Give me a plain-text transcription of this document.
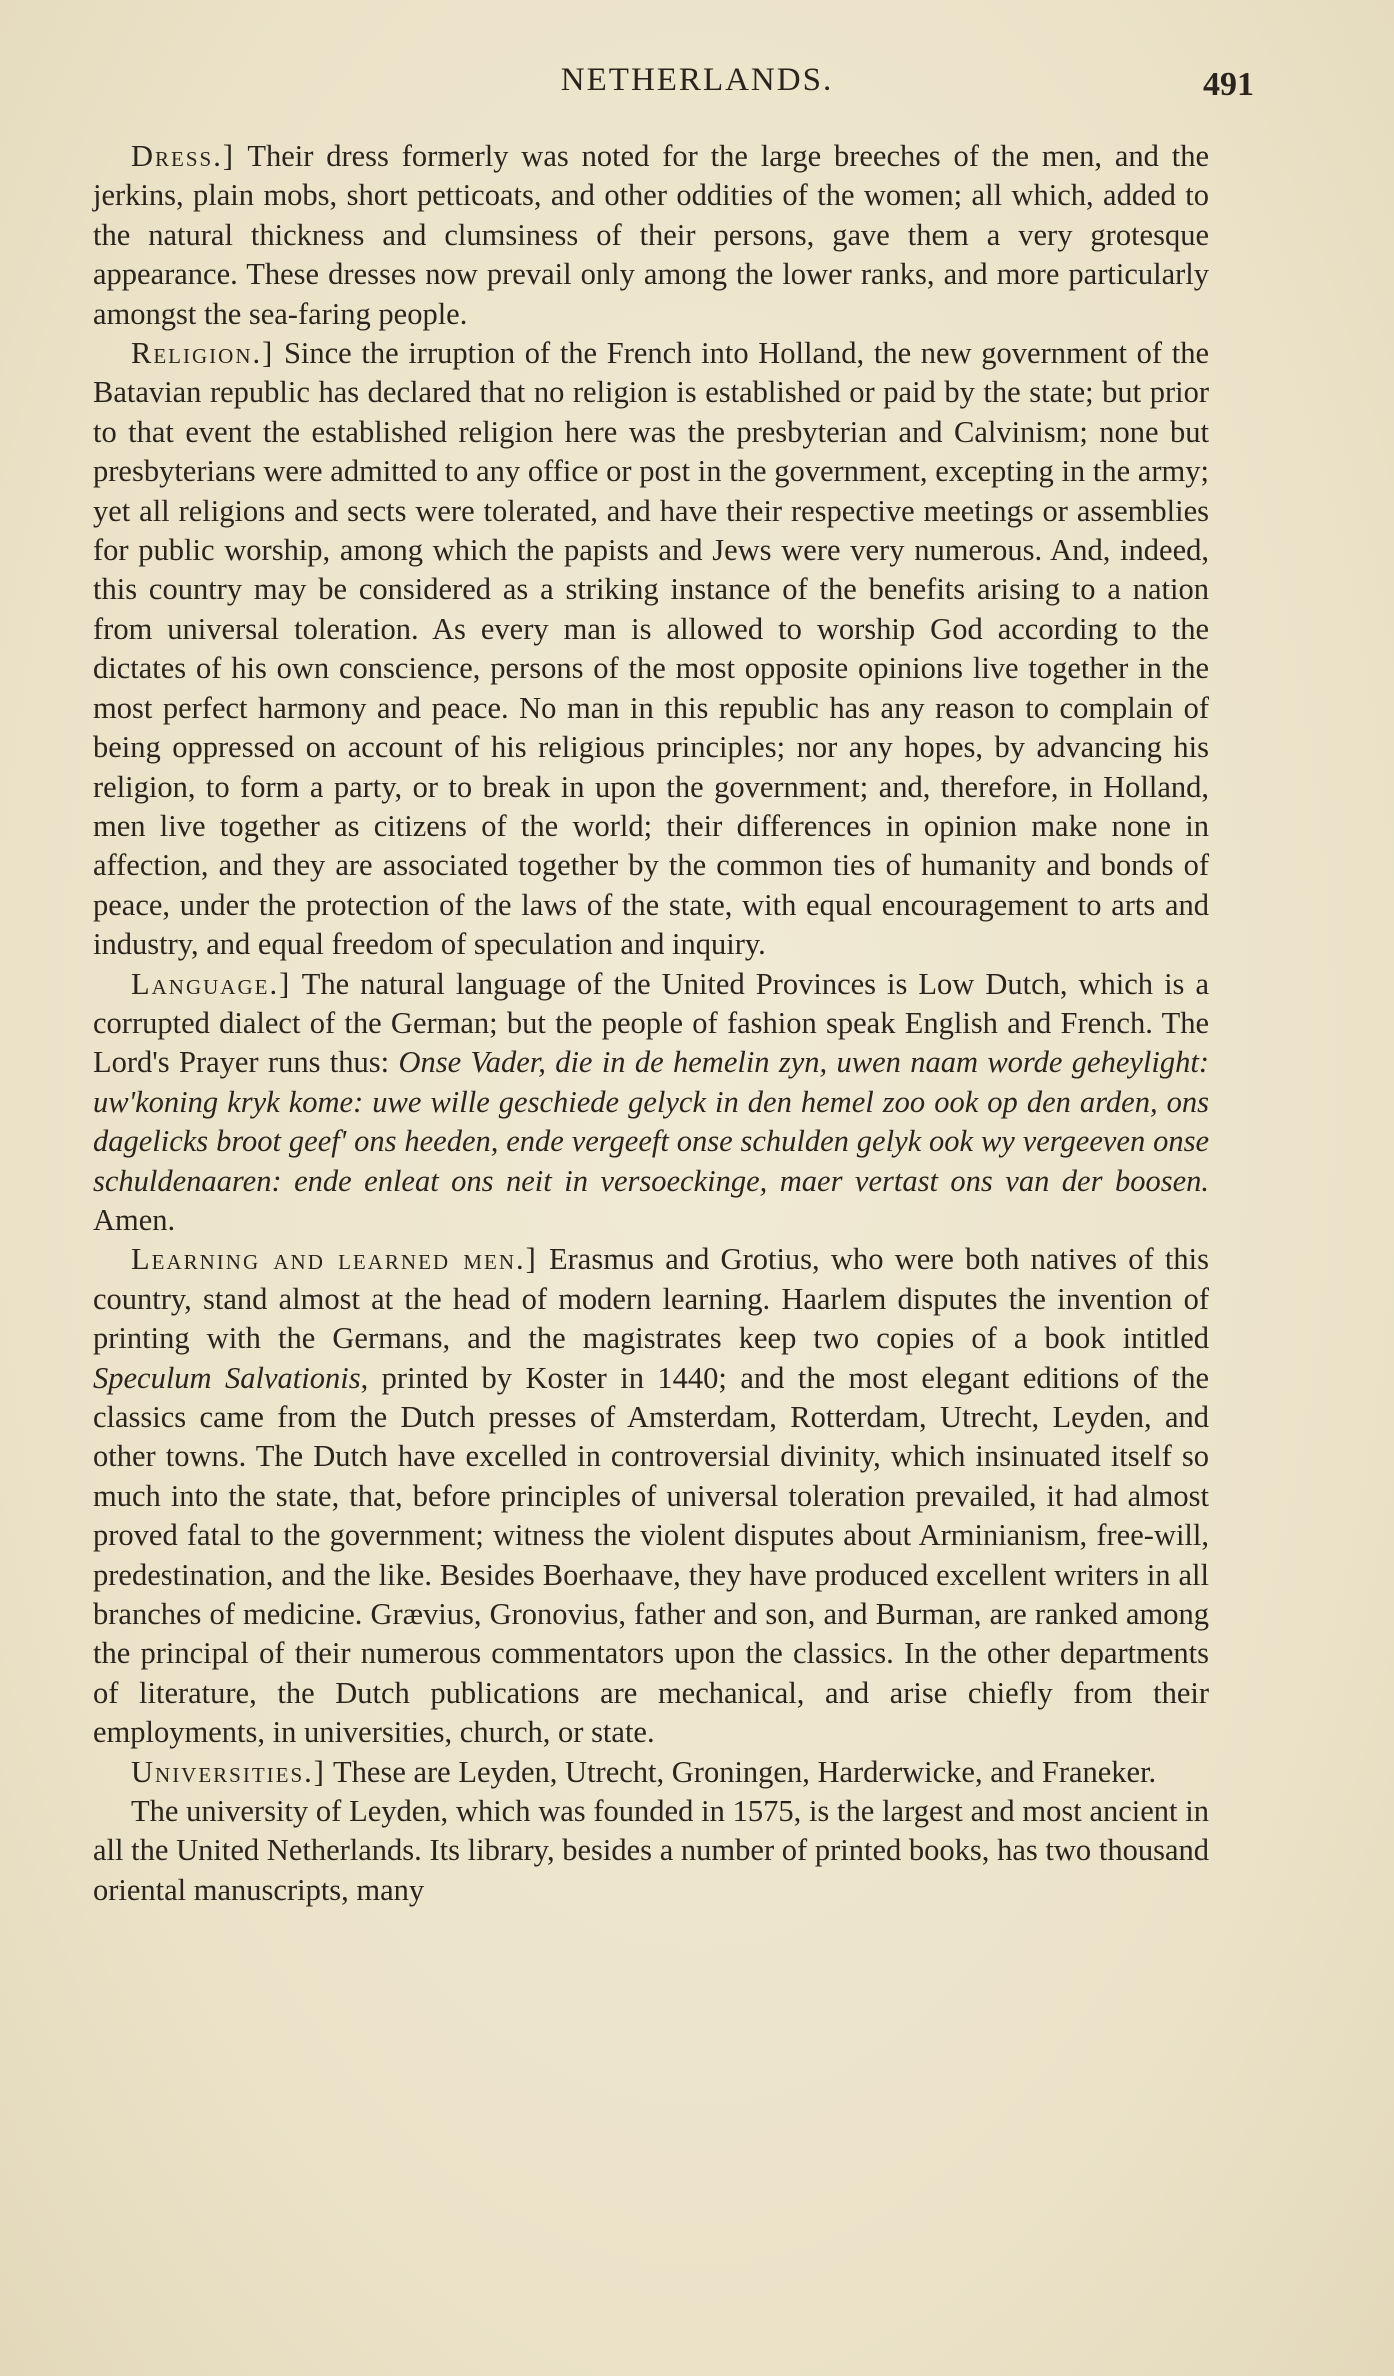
NETHERLANDS.	491

Dress.] Their dress formerly was noted for the large breeches of the men, and the jerkins, plain mobs, short petticoats, and other oddities of the women; all which, added to the natural thickness and clumsiness of their persons, gave them a very grotesque appearance. These dresses now prevail only among the lower ranks, and more particularly amongst the sea-faring people.

Religion.] Since the irruption of the French into Holland, the new government of the Batavian republic has declared that no religion is established or paid by the state; but prior to that event the established religion here was the presbyterian and Calvinism; none but presbyterians were admitted to any office or post in the government, excepting in the army; yet all religions and sects were tolerated, and have their respective meetings or assemblies for public worship, among which the papists and Jews were very numerous. And, indeed, this country may be considered as a striking instance of the benefits arising to a nation from universal toleration. As every man is allowed to worship God according to the dictates of his own conscience, persons of the most opposite opinions live together in the most perfect harmony and peace. No man in this republic has any reason to complain of being oppressed on account of his religious principles; nor any hopes, by advancing his religion, to form a party, or to break in upon the government; and, therefore, in Holland, men live together as citizens of the world; their differences in opinion make none in affection, and they are associated together by the common ties of humanity and bonds of peace, under the protection of the laws of the state, with equal encouragement to arts and industry, and equal freedom of speculation and inquiry.

Language.] The natural language of the United Provinces is Low Dutch, which is a corrupted dialect of the German; but the people of fashion speak English and French. The Lord's Prayer runs thus: Onse Vader, die in de hemelin zyn, uwen naam worde geheylight: uw'koning kryk kome: uwe wille geschiede gelyck in den hemel zoo ook op den arden, ons dagelicks broot geef' ons heeden, ende vergeeft onse schulden gelyk ook wy vergeeven onse schuldenaaren: ende enleat ons neit in versoeckinge, maer vertast ons van der boosen. Amen.

Learning and learned men.] Erasmus and Grotius, who were both natives of this country, stand almost at the head of modern learning. Haarlem disputes the invention of printing with the Germans, and the magistrates keep two copies of a book intitled Speculum Salvationis, printed by Koster in 1440; and the most elegant editions of the classics came from the Dutch presses of Amsterdam, Rotterdam, Utrecht, Leyden, and other towns. The Dutch have excelled in controversial divinity, which insinuated itself so much into the state, that, before principles of universal toleration prevailed, it had almost proved fatal to the government; witness the violent disputes about Arminianism, free-will, predestination, and the like. Besides Boerhaave, they have produced excellent writers in all branches of medicine. Grævius, Gronovius, father and son, and Burman, are ranked among the principal of their numerous commentators upon the classics. In the other departments of literature, the Dutch publications are mechanical, and arise chiefly from their employments, in universities, church, or state.

Universities.] These are Leyden, Utrecht, Groningen, Harderwicke, and Franeker.

The university of Leyden, which was founded in 1575, is the largest and most ancient in all the United Netherlands. Its library, besides a number of printed books, has two thousand oriental manuscripts, many
